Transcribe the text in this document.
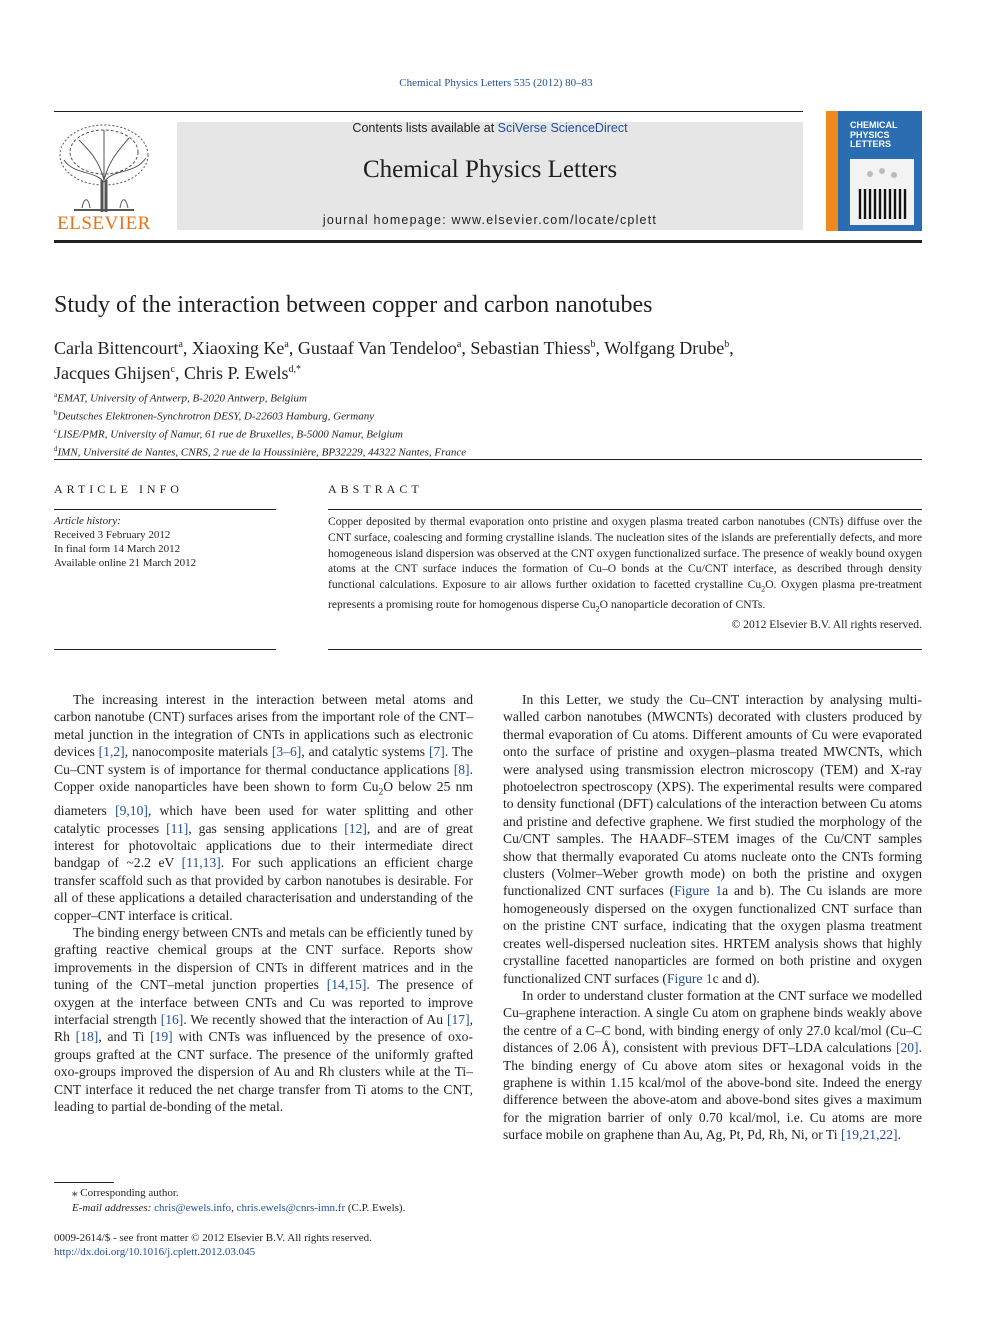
Chemical Physics Letters 535 (2012) 80–83
ELSEVIER
Contents lists available at SciVerse ScienceDirect
Chemical Physics Letters
journal homepage: www.elsevier.com/locate/cplett
CHEMICAL
PHYSICS
LETTERS
Study of the interaction between copper and carbon nanotubes
Carla Bittencourt$^a$, Xiaoxing Ke$^a$, Gustaaf Van Tendeloo$^a$, Sebastian Thiess$^b$, Wolfgang Drube$^b$,
Jacques Ghijsen$^c$, Chris P. Ewels$^{d,*}$
$^a$EMAT, University of Antwerp, B-2020 Antwerp, Belgium
$^b$Deutsches Elektronen-Synchrotron DESY, D-22603 Hamburg, Germany
$^c$LISE/PMR, University of Namur, 61 rue de Bruxelles, B-5000 Namur, Belgium
$^d$IMN, Université de Nantes, CNRS, 2 rue de la Houssinière, BP32229, 44322 Nantes, France
ARTICLE INFO	ABSTRACT
Article history:
Received 3 February 2012
In final form 14 March 2012
Available online 21 March 2012
Copper deposited by thermal evaporation onto pristine and oxygen plasma treated carbon nanotubes (CNTs) diffuse over the CNT surface, coalescing and forming crystalline islands. The nucleation sites of the islands are preferentially defects, and more homogeneous island dispersion was observed at the CNT oxygen functionalized surface. The presence of weakly bound oxygen atoms at the CNT surface induces the formation of Cu–O bonds at the Cu/CNT interface, as described through density functional calculations. Exposure to air allows further oxidation to facetted crystalline $Cu_2O$. Oxygen plasma pre-treatment represents a promising route for homogenous disperse $Cu_2O$ nanoparticle decoration of CNTs.
© 2012 Elsevier B.V. All rights reserved.

The increasing interest in the interaction between metal atoms and carbon nanotube (CNT) surfaces arises from the important role of the CNT–metal junction in the integration of CNTs in applications such as electronic devices [1,2], nanocomposite materials [3–6], and catalytic systems [7]. The Cu–CNT system is of importance for thermal conductance applications [8]. Copper oxide nanoparticles have been shown to form $Cu_2O$ below 25 nm diameters [9,10], which have been used for water splitting and other catalytic processes [11], gas sensing applications [12], and are of great interest for photovoltaic applications due to their intermediate direct bandgap of ~2.2 eV [11,13]. For such applications an efficient charge transfer scaffold such as that provided by carbon nanotubes is desirable. For all of these applications a detailed characterisation and understanding of the copper–CNT interface is critical.

The binding energy between CNTs and metals can be efficiently tuned by grafting reactive chemical groups at the CNT surface. Reports show improvements in the dispersion of CNTs in different matrices and in the tuning of the CNT–metal junction properties [14,15]. The presence of oxygen at the interface between CNTs and Cu was reported to improve interfacial strength [16]. We recently showed that the interaction of Au [17], Rh [18], and Ti [19] with CNTs was influenced by the presence of oxo-groups grafted at the CNT surface. The presence of the uniformly grafted oxo-groups improved the dispersion of Au and Rh clusters while at the Ti–CNT interface it reduced the net charge transfer from Ti atoms to the CNT, leading to partial de-bonding of the metal.

In this Letter, we study the Cu–CNT interaction by analysing multi-walled carbon nanotubes (MWCNTs) decorated with clusters produced by thermal evaporation of Cu atoms. Different amounts of Cu were evaporated onto the surface of pristine and oxygen–plasma treated MWCNTs, which were analysed using transmission electron microscopy (TEM) and X-ray photoelectron spectroscopy (XPS). The experimental results were compared to density functional (DFT) calculations of the interaction between Cu atoms and pristine and defective graphene. We first studied the morphology of the Cu/CNT samples. The HAADF–STEM images of the Cu/CNT samples show that thermally evaporated Cu atoms nucleate onto the CNTs forming clusters (Volmer–Weber growth mode) on both the pristine and oxygen functionalized CNT surfaces (Figure 1a and b). The Cu islands are more homogeneously dispersed on the oxygen functionalized CNT surface than on the pristine CNT surface, indicating that the oxygen plasma treatment creates well-dispersed nucleation sites. HRTEM analysis shows that highly crystalline facetted nanoparticles are formed on both pristine and oxygen functionalized CNT surfaces (Figure 1c and d).

In order to understand cluster formation at the CNT surface we modelled Cu–graphene interaction. A single Cu atom on graphene binds weakly above the centre of a C–C bond, with binding energy of only 27.0 kcal/mol (Cu–C distances of 2.06 Å), consistent with previous DFT–LDA calculations [20]. The binding energy of Cu above atom sites or hexagonal voids in the graphene is within 1.15 kcal/mol of the above-bond site. Indeed the energy difference between the above-atom and above-bond sites gives a maximum for the migration barrier of only 0.70 kcal/mol, i.e. Cu atoms are more surface mobile on graphene than Au, Ag, Pt, Pd, Rh, Ni, or Ti [19,21,22].

⁎ Corresponding author.
E-mail addresses: chris@ewels.info, chris.ewels@cnrs-imn.fr (C.P. Ewels).
0009-2614/$ - see front matter © 2012 Elsevier B.V. All rights reserved.
http://dx.doi.org/10.1016/j.cplett.2012.03.045
